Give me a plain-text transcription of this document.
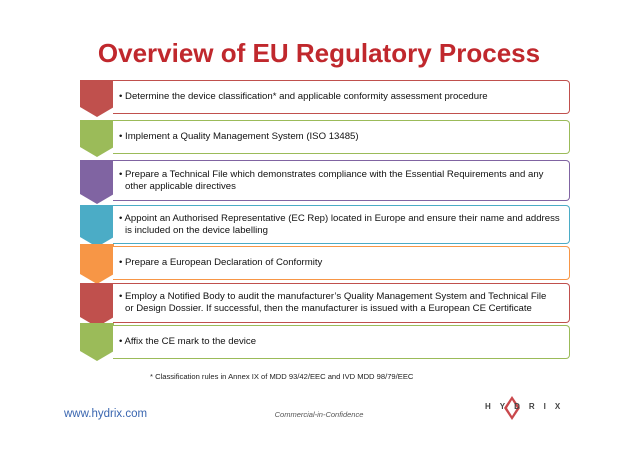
Overview of EU Regulatory Process
• Determine the device classification* and applicable conformity assessment procedure
• Implement a Quality Management System (ISO 13485)
• Prepare a Technical File which demonstrates compliance with the Essential Requirements and any
other applicable directives
• Appoint an Authorised Representative (EC Rep) located in Europe and ensure their name and address
is included on the device labelling
• Prepare a European Declaration of Conformity
• Employ a Notified Body to audit the manufacturer’s Quality Management System and Technical File
or Design Dossier. If successful, then the manufacturer is issued with a European CE Certificate
• Affix the CE mark to the device
* Classification rules in Annex IX of MDD 93/42/EEC and IVD MDD 98/79/EEC
www.hydrix.com	Commercial-in-Confidence
HYDRIX
